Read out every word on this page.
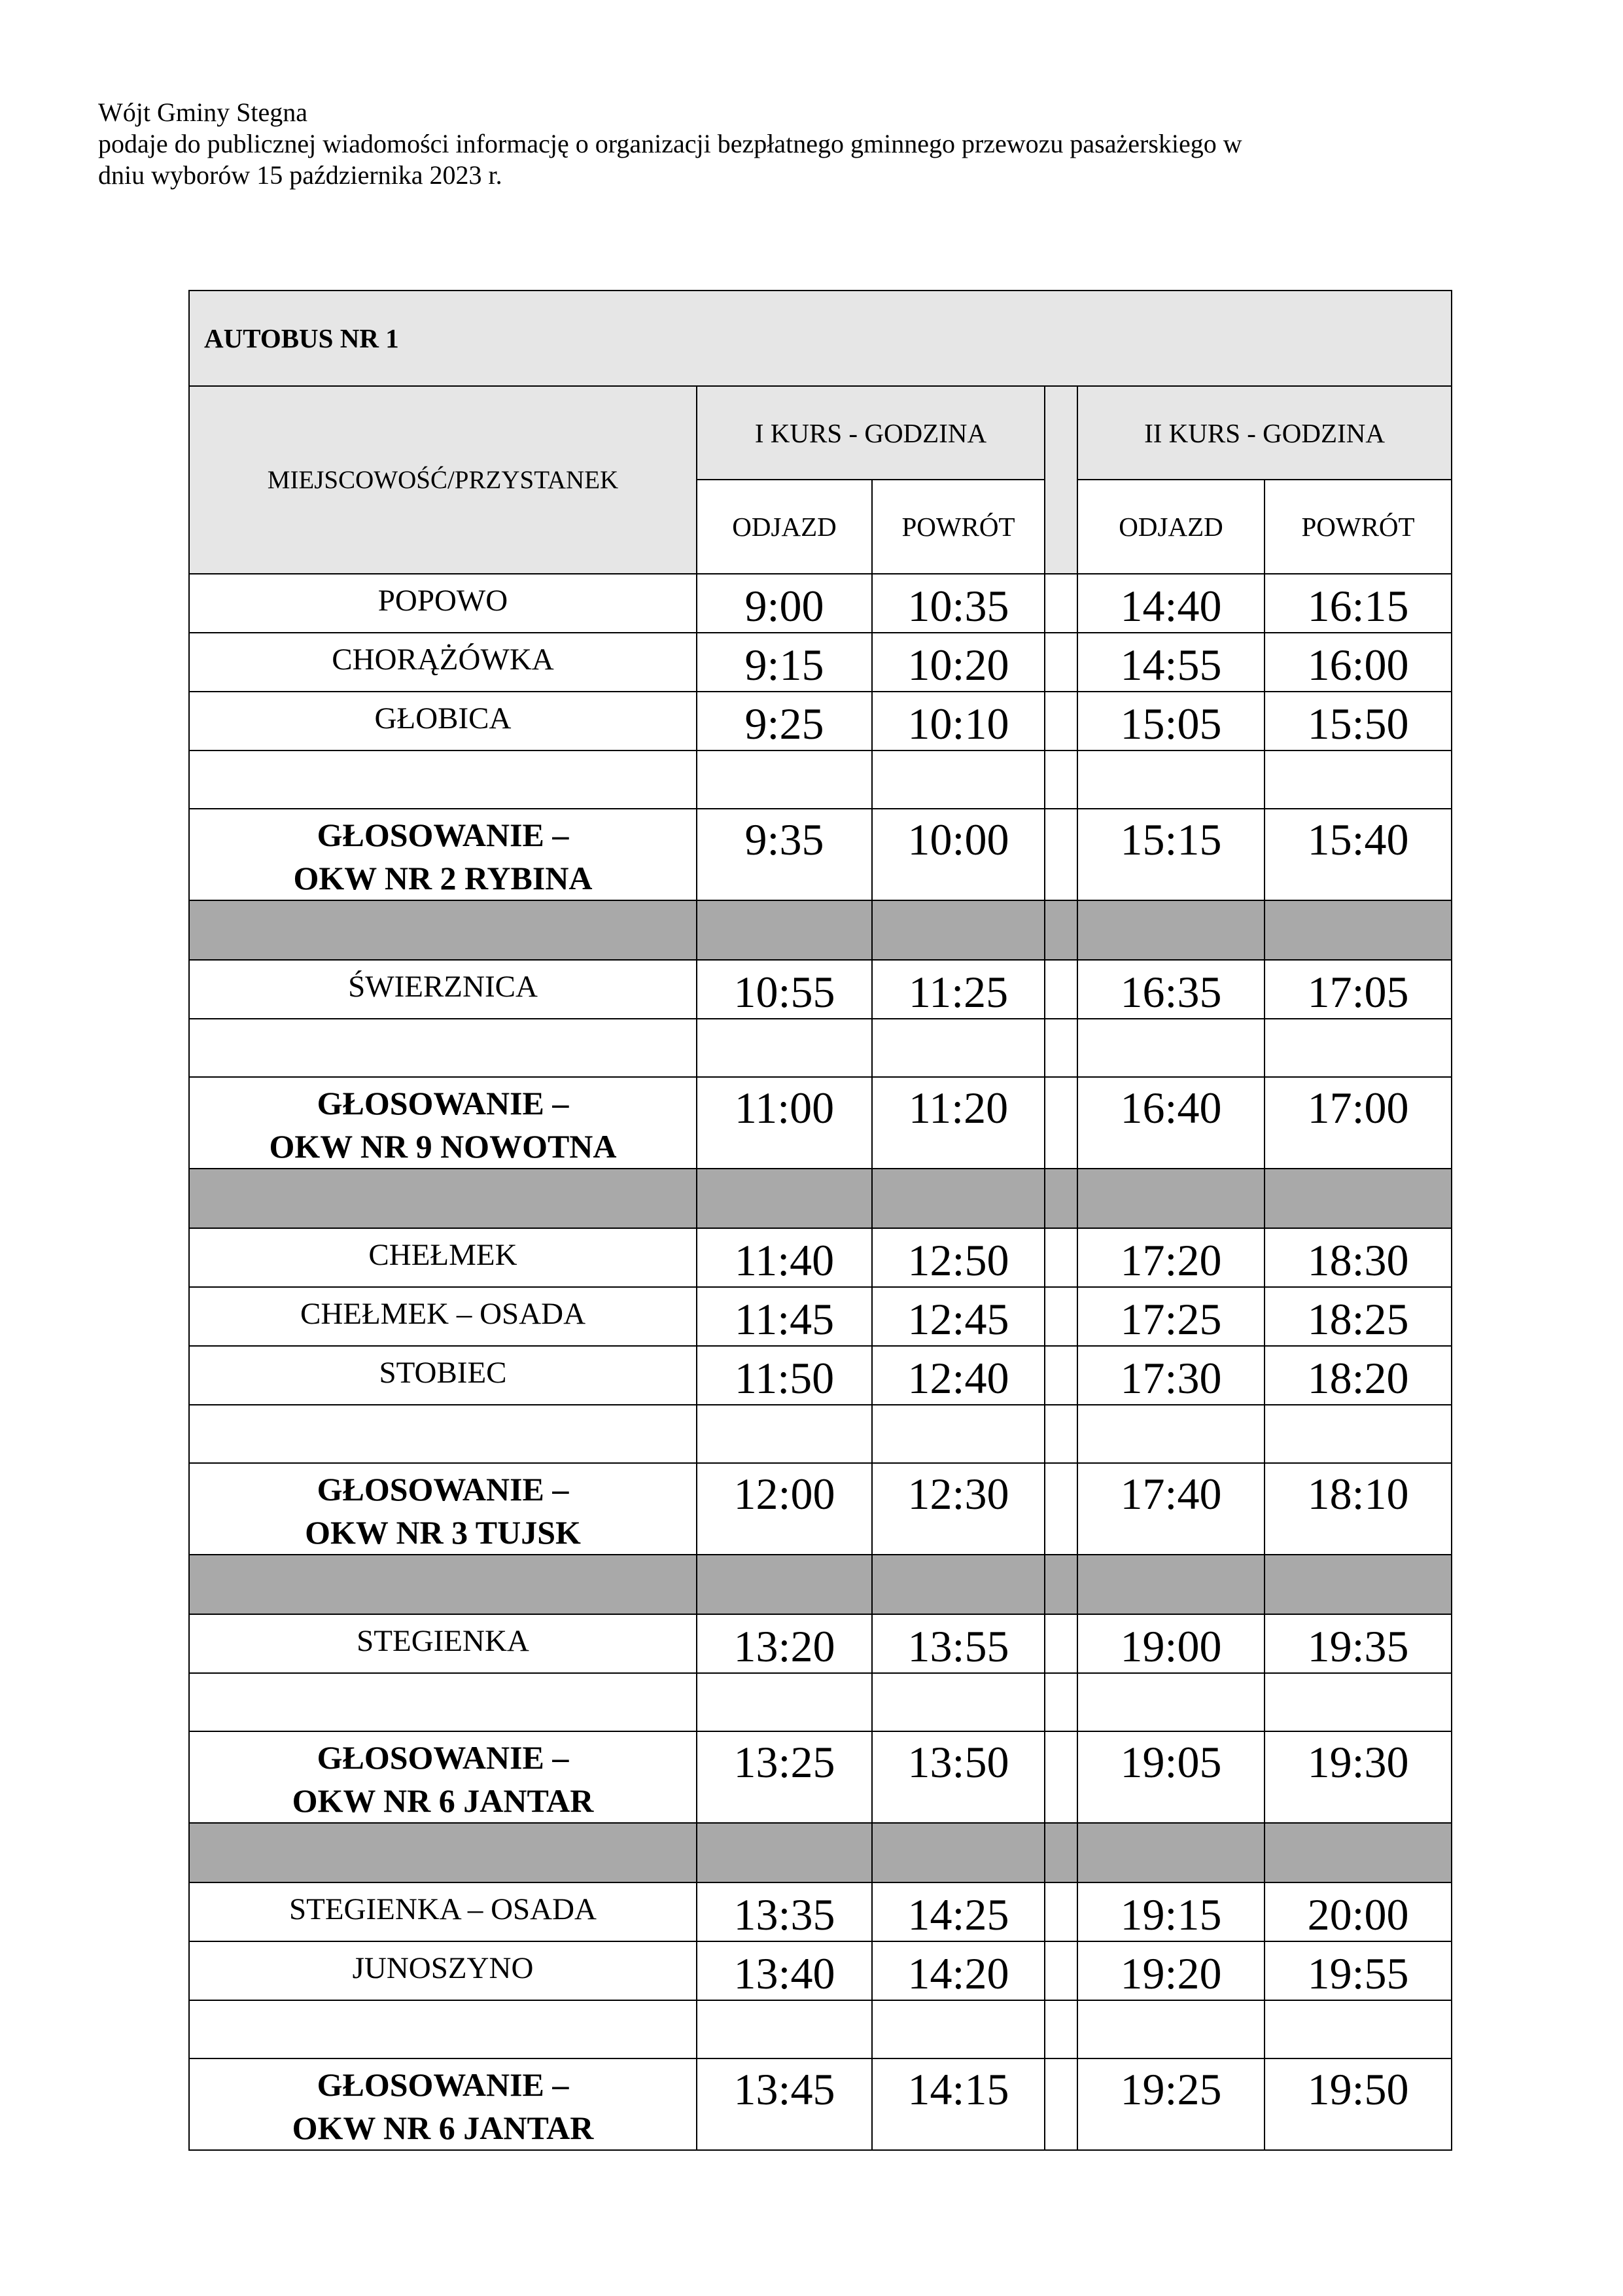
Wójt Gminy Stegna
podaje do publicznej wiadomości informację o organizacji bezpłatnego gminnego przewozu pasażerskiego w
dniu wyborów 15 października 2023 r.
AUTOBUS NR 1					
MIEJSCOWOŚĆ/PRZYSTANEK	I KURS - GODZINA			II KURS - GODZINA	
	ODJAZD	POWRÓT		ODJAZD	POWRÓT
POPOWO	9:00	10:35		14:40	16:15
CHORĄŻÓWKA	9:15	10:20		14:55	16:00
GŁOBICA	9:25	10:10		15:05	15:50

GŁOSOWANIE –
OKW NR 2 RYBINA	9:35	10:00		15:15	15:40

ŚWIERZNICA	10:55	11:25		16:35	17:05

GŁOSOWANIE –
OKW NR 9 NOWOTNA	11:00	11:20		16:40	17:00

CHEŁMEK	11:40	12:50		17:20	18:30
CHEŁMEK – OSADA	11:45	12:45		17:25	18:25
STOBIEC	11:50	12:40		17:30	18:20

GŁOSOWANIE –
OKW NR 3 TUJSK	12:00	12:30		17:40	18:10

STEGIENKA	13:20	13:55		19:00	19:35

GŁOSOWANIE –
OKW NR 6 JANTAR	13:25	13:50		19:05	19:30

STEGIENKA – OSADA	13:35	14:25		19:15	20:00
JUNOSZYNO	13:40	14:20		19:20	19:55

GŁOSOWANIE –
OKW NR 6 JANTAR	13:45	14:15		19:25	19:50
